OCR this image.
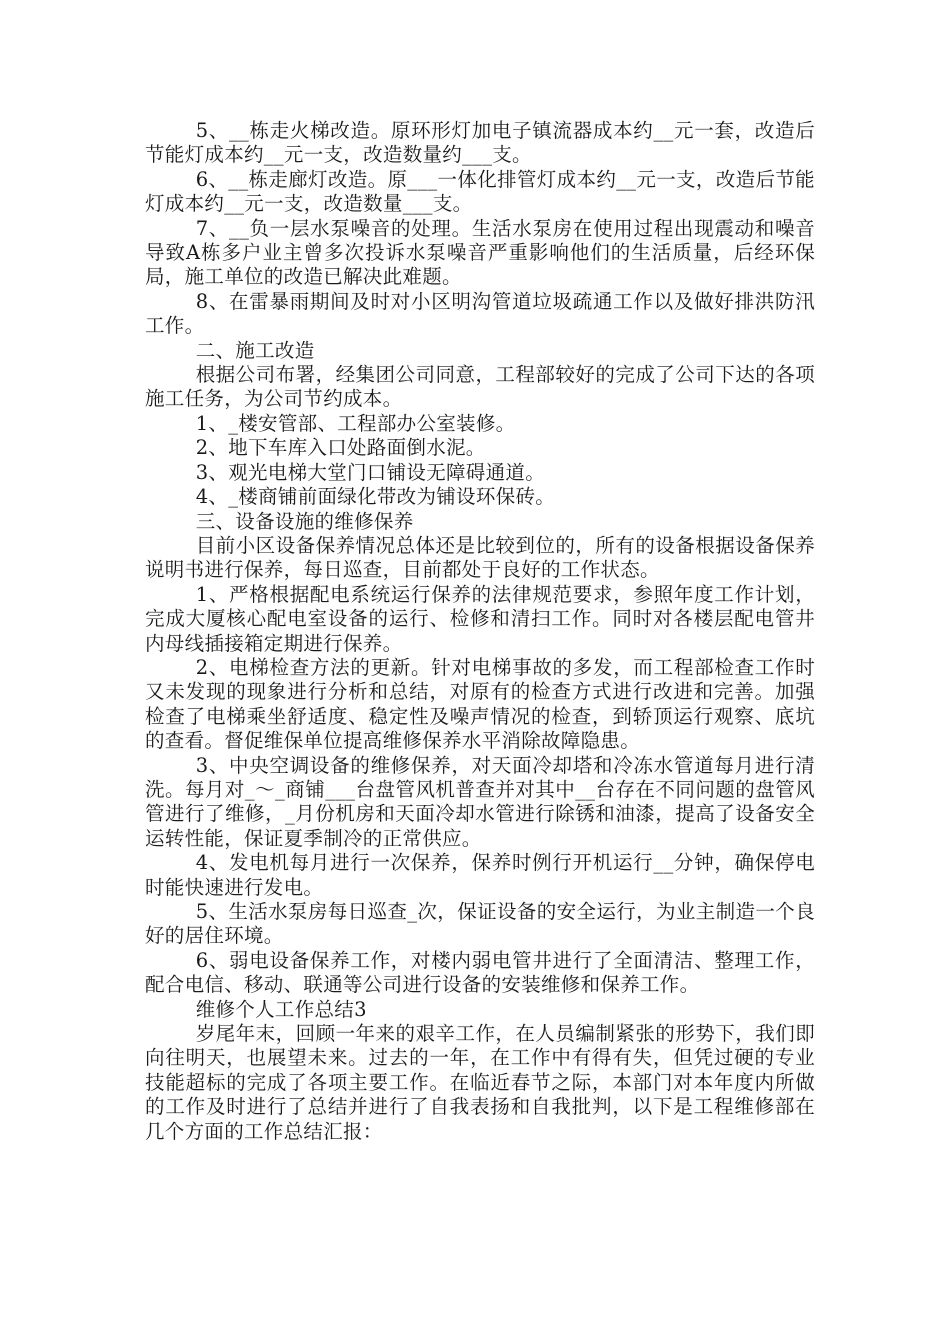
5、__栋走火梯改造。原环形灯加电子镇流器成本约__元一套，改造后节能灯成本约__元一支，改造数量约___支。

6、__栋走廊灯改造。原___一体化排管灯成本约__元一支，改造后节能灯成本约__元一支，改造数量___支。

7、__负一层水泵噪音的处理。生活水泵房在使用过程出现震动和噪音导致A栋多户业主曾多次投诉水泵噪音严重影响他们的生活质量，后经环保局，施工单位的改造已解决此难题。

8、在雷暴雨期间及时对小区明沟管道垃圾疏通工作以及做好排洪防汛工作。

二、施工改造

根据公司布署，经集团公司同意，工程部较好的完成了公司下达的各项施工任务，为公司节约成本。

1、_楼安管部、工程部办公室装修。

2、地下车库入口处路面倒水泥。

3、观光电梯大堂门口铺设无障碍通道。

4、_楼商铺前面绿化带改为铺设环保砖。

三、设备设施的维修保养

目前小区设备保养情况总体还是比较到位的，所有的设备根据设备保养说明书进行保养，每日巡查，目前都处于良好的工作状态。

1、严格根据配电系统运行保养的法律规范要求，参照年度工作计划，完成大厦核心配电室设备的运行、检修和清扫工作。同时对各楼层配电管井内母线插接箱定期进行保养。

2、电梯检查方法的更新。针对电梯事故的多发，而工程部检查工作时又未发现的现象进行分析和总结，对原有的检查方式进行改进和完善。加强检查了电梯乘坐舒适度、稳定性及噪声情况的检查，到轿顶运行观察、底坑的查看。督促维保单位提高维修保养水平消除故障隐患。

3、中央空调设备的维修保养，对天面冷却塔和冷冻水管道每月进行清洗。每月对_～_商铺___台盘管风机普查并对其中__台存在不同问题的盘管风管进行了维修，_月份机房和天面冷却水管进行除锈和油漆，提高了设备安全运转性能，保证夏季制冷的正常供应。

4、发电机每月进行一次保养，保养时例行开机运行__分钟，确保停电时能快速进行发电。

5、生活水泵房每日巡查_次，保证设备的安全运行，为业主制造一个良好的居住环境。

6、弱电设备保养工作，对楼内弱电管井进行了全面清洁、整理工作，配合电信、移动、联通等公司进行设备的安装维修和保养工作。

维修个人工作总结3

岁尾年末，回顾一年来的艰辛工作，在人员编制紧张的形势下，我们即向往明天，也展望未来。过去的一年，在工作中有得有失，但凭过硬的专业技能超标的完成了各项主要工作。在临近春节之际，本部门对本年度内所做的工作及时进行了总结并进行了自我表扬和自我批判，以下是工程维修部在几个方面的工作总结汇报：
